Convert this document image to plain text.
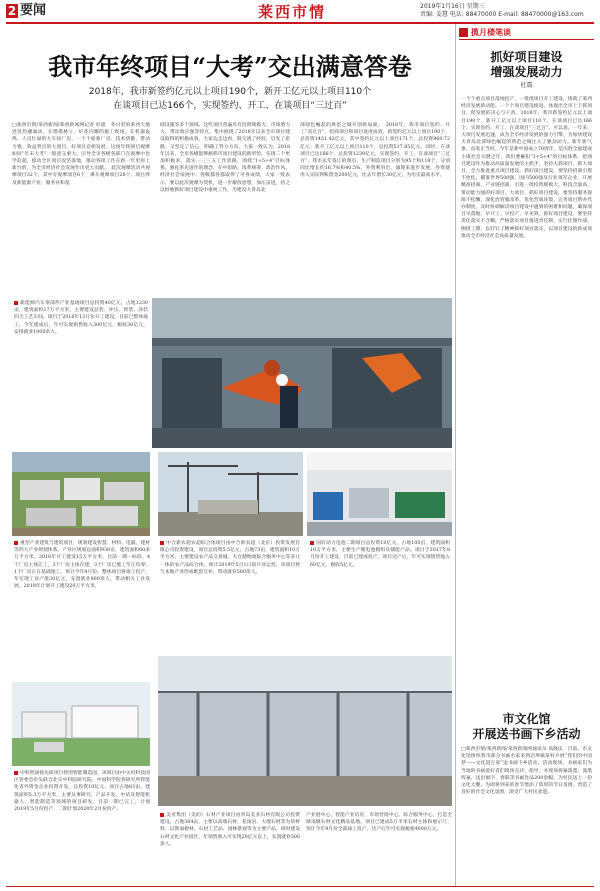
2 要闻	莱西市情	2019年1月16日 星期三
责编: 姜慧 电话: 88470000 E-mail: 88470000@163.com
我市年终项目“大考”交出满意答卷
2018年，我市新签约亿元以上项目190个，新开工亿元以上项目110个
在谈项目已达166个，实现签约、开工、在谈项目“三过百”
□莱西市情/莱西新闻/莱西新闻网记者 杜震　冬日里的莱西大地处处热潮涌动，在塔塔林立、炉花闪耀的施工现场，在机器轰鸣、人员忙碌的大车间厂房，一个个崭新厂房、技术骄傲、带动力强、效益突出的大项目，好项目竞相发展。这场年终项目观摩如同“年末大考”一般意义重大，引导全市各级各部门在观摩中比学赶超，推动全区项目攻坚落地，推动各项工作在新一年里再上新台阶，为全市经济社会发展作出更大贡献。　此次观摩活动共观摩项目32个，其中专观摩项目6个，乘车观摩项目26个。项目涉及新能源产业、服务业和基
础设施等多个领域。这些项目普遍具有投资规模大、市场潜力大、带动效应强等特点。集中展现了2018年以来全市项目建设取得的积极成效。大家边走边看，既交流了经验，启发了思路，又坚定了信心，明确了努力方向。大家一致认为，2018年以来，全市各级能够耐抓市项目建设的新形势，实现二个更加积极求，落实一三三五工作思路，围绕“1+5+4”目标体系，强化率先进作的理念，在中思路、改革统筹、政治作风。经济社会发展中、各级都各都取得了可喜成绩，大家一致表示，要以此次观摩为契机，进一步解放思想，加压奋进，持之以恒地抓好项目建设中重视工作，为建设大青岛北
部绿色崛起的典范之城开创新局面。　2018年，我市项目签约、开工“双过百”，招商项目和项目进度成效。新签约亿元以上项目190个，总投资1451.42亿元，其中签约亿元以上项目171个，总投资960.72亿元；新开工亿元以上项目110个，总投资517.85亿元。同时，在谈项目已达166个，总投资1239亿元，实现签约、开工、在谈项目“三过百”。我市去年签订的现有、生产制造项目分别为95个和118个，分别同比增长约16.7%和40.5%，外资利用出，涌现来进步发展，外资使用入实际到账资金200亿元，比去年增长30亿元，为历史最高水平。
新能源汽车零部件产业基地项目总投资40亿元，占地1230亩，建筑面积17万平方米，主要建设总装、冲压、焊装、涂装四大工艺车间。项目于2016年12月份开工建设，目前已整体竣工，今年建成后，年可实现销售收入300亿元，税收30亿元，安排就业1000余人。
重型产业建筑与建筑项目，规划建设智慧、材料、电器、建材等四大产业规划体系。产业区规划总面积938亩，建筑面积60多万平方米。2018年开工建设15万平方米，目前一期一标段、4个厂房主体完工，3个厂房主体在建，3个厂房已施工至正负零，1个厂房正在基础施工。预计今年8月份，整体项目将竣工投产，年实现工业产值30亿元，安置就业800余人，带动相关工业发展。2019年计划开工建设20万平方米。
中合新农超农超综合体项目由中合新农超（北京）投资发展有限公司投资建设，项目总投资5.5亿元，占地73亩，建筑面积10万平方米，主要建设农产品交易城、大仓储物流综合服务中心等多元一体的农产品综合体。预计2019年5月1日前开业运营。该项目将与本地产业形成配套互补，带动就业500余人。
国轩动力电池二期项目总投资10亿元，占地100亩，建筑面积10万平方米，主要生产锂电池模组及储能产品。项目于2017年8月份开工建设，目前已建成投产，项目达产后，年可实现销售收入60亿元，税收5亿元。
中科智研视先研项目智创智能制造园，该项目由中关村科技园区管委会牵头联合北京中科院研究院、中国科学院各研究所智能化省外资金企业投资开发，总投资10亿元，项目占地83亩，建筑面积5.3万平方米，主要从事研究、产品开发、中试及智能机器人、智能制造等领域的项目研发。目前一期已完工，计划2019年5月份投产，二期计划2020年2月份投产。
美亚集团（美的）石材产业项目由青岛美亚石材有限公司投资建设，占地384亩，主要以高端石材、花岗岩、大理石材等为原材料、以饰面板材、石材工艺品、园林景观等为主要产品，同时建设石材文化产业园区，年销售收入可实现20亿元以上，安置就业500余人。
产业链中心、智能产业培育、市场营销中心、综合服务中心，打造全球顶级石材文化精品基地。项目已建成5万平米石材主体和展示厅，预计今年9月份全部竣工投产，达产后年可实现税收4000万元。
揽月楼笔谈
抓好项目建设
增强发展动力
杜震
一个个重点项目落地投产，一批批项目开工建设，铸就了莱西经济发展新动能。一个个项目建设推进，体现出全市上下抓项目、促发展的决心与干劲。2018年，我市新签约亿元以上项目190个，新开工亿元以上项目110个，在谈项目已达166个，实现签约、开工、在谈项目“三过百”。可以说，一年来，大项目发展迅速，成为全市经济发展的强力引擎，为加快建设大青岛北部绿色崛起的典范之城注入了强劲动力。新年新气象，奋进正当时。今年是新中国成立70周年，是决胜全面建成小康社会关键之年，我们要紧扣“1+5+4”的目标体系，把项目建设作为推动高质量发展的主抓手，坚持大抓项目、抓大项目，全力推进重点项目建设。抓好项目建设，要坚持招商引资不放松，瞄准世界500强、国内500强及行业领军企业，开展精准招商、产业链招商，引进一批投资规模大、科技含量高、带动能力强的好项目、大项目。抓好项目建设，要坚持服务保障不松懈，深化放管服改革，优化营商环境，完善项目帮办代办制度，及时协调解决项目建设中遇到的困难和问题，确保项目早落地、早开工、早投产、早见效。抓好项目建设，要坚持责任落实不含糊，严格落实项目推进责任制，实行挂图作战、倒排工期，以钉钉子精神抓好项目落实，以项目建设的新成效推动全市经济社会高质量发展。
市文化馆
开展送书画下乡活动
□莱西市情/莱西新闻/莱西新闻网通讯员 高晓庆　目前，市文化馆组织我市部分书画名家来到店埠镇某村开展“我们的中国梦——文化进万家”送书画下乡活动。活动现场，书画家们为当地的书画爱好者们现场点评、指导，并现场挥毫泼墨，泼墨挥毫，送出福字、春联等书画作品200余幅。为村民送上一份文化大餐，为即将到来的春节增添了浓厚的节日氛围，营造了良好的社会文化氛围，深受广大村民欢迎。
